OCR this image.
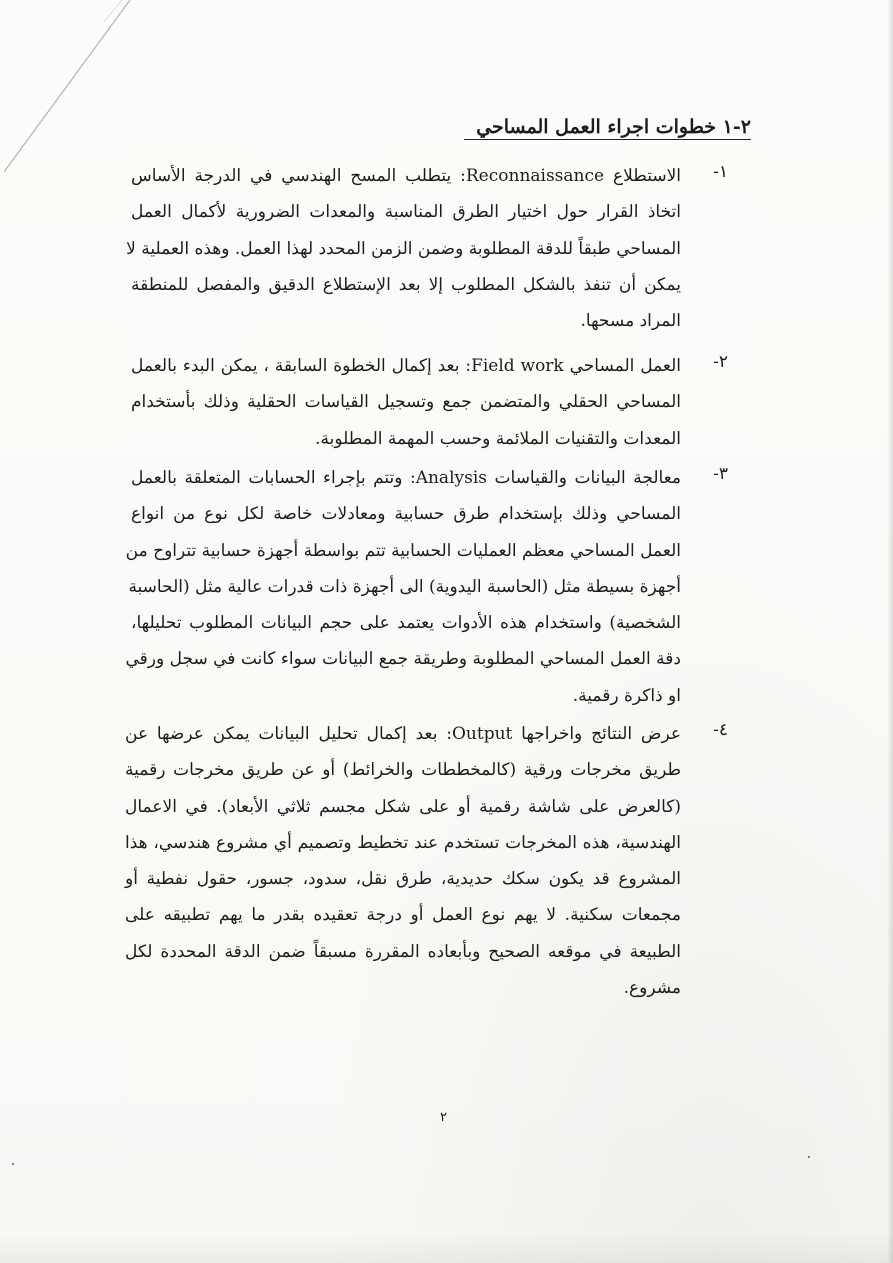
٢-١ خطوات اجراء العمل المساحي
١-
الاستطلاع Reconnaissance: يتطلب المسح الهندسي في الدرجة الأساس
اتخاذ القرار حول اختيار الطرق المناسبة والمعدات الضرورية لأكمال العمل
المساحي طبقاً للدقة المطلوبة وضمن الزمن المحدد لهذا العمل. وهذه العملية لا
يمكن أن تنفذ بالشكل المطلوب إلا بعد الإستطلاع الدقيق والمفصل للمنطقة
المراد مسحها.
٢-
العمل المساحي Field work: بعد إكمال الخطوة السابقة ، يمكن البدء بالعمل
المساحي الحقلي والمتضمن جمع وتسجيل القياسات الحقلية وذلك بأستخدام
المعدات والتقنيات الملائمة وحسب المهمة المطلوبة.
٣-
معالجة البيانات والقياسات Analysis: وتتم بإجراء الحسابات المتعلقة بالعمل
المساحي وذلك بإستخدام طرق حسابية ومعادلات خاصة لكل نوع من انواع
العمل المساحي معظم العمليات الحسابية تتم بواسطة أجهزة حسابية تتراوح من
أجهزة بسيطة مثل (الحاسبة اليدوية) الى أجهزة ذات قدرات عالية مثل (الحاسبة
الشخصية) واستخدام هذه الأدوات يعتمد على حجم البيانات المطلوب تحليلها،
دقة العمل المساحي المطلوبة وطريقة جمع البيانات سواء كانت في سجل ورقي
او ذاكرة رقمية.
٤-
عرض النتائج واخراجها Output: بعد إكمال تحليل البيانات يمكن عرضها عن
طريق مخرجات ورقية (كالمخططات والخرائط) أو عن طريق مخرجات رقمية
(كالعرض على شاشة رقمية أو على شكل مجسم ثلاثي الأبعاد). في الاعمال
الهندسية، هذه المخرجات تستخدم عند تخطيط وتصميم أي مشروع هندسي، هذا
المشروع قد يكون سكك حديدية، طرق نقل، سدود، جسور، حقول نفطية أو
مجمعات سكنية. لا يهم نوع العمل أو درجة تعقيده بقدر ما يهم تطبيقه على
الطبيعة في موقعه الصحيح وبأبعاده المقررة مسبقاً ضمن الدقة المحددة لكل
مشروع.
٢
